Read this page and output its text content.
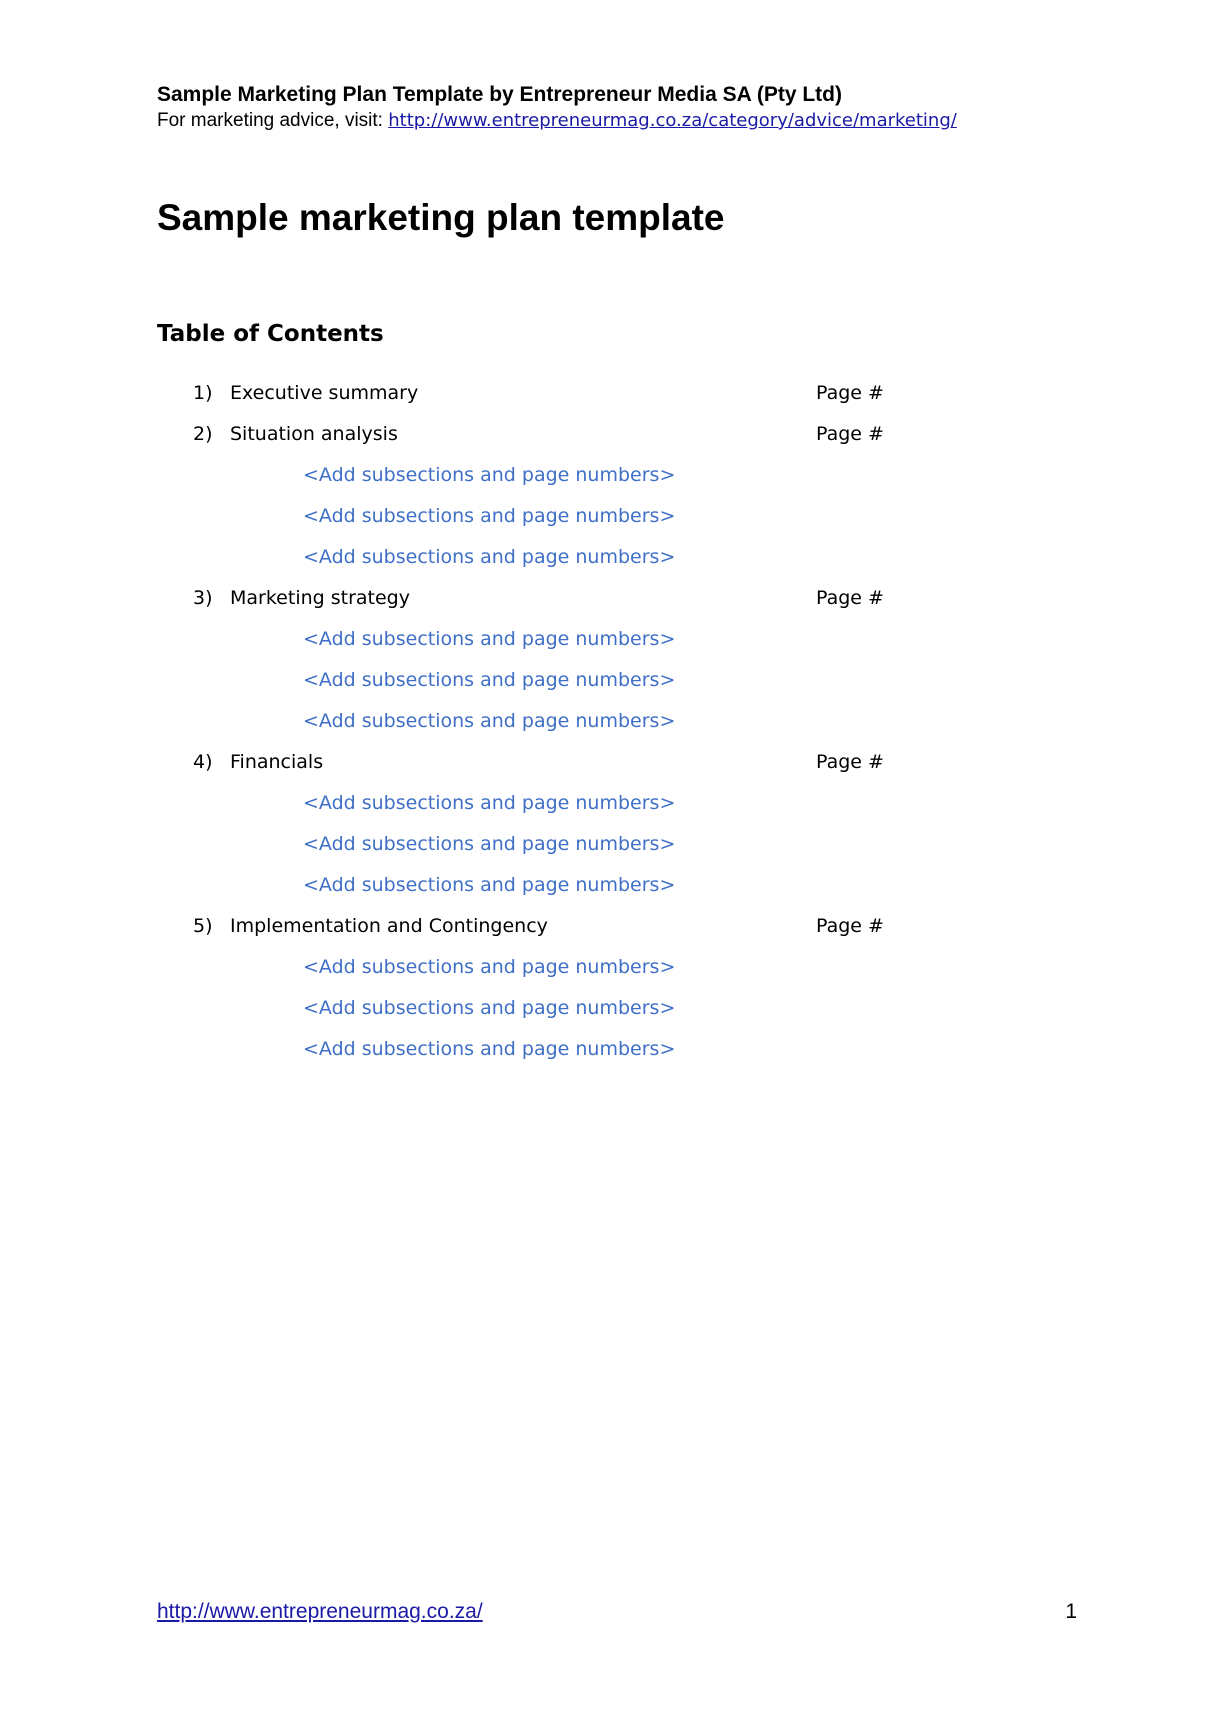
Sample Marketing Plan Template by Entrepreneur Media SA (Pty Ltd)

For marketing advice, visit: http://www.entrepreneurmag.co.za/category/advice/marketing/

Sample marketing plan template
Table of Contents
1) Executive summary	Page #
2) Situation analysis	Page #
<Add subsections and page numbers>
<Add subsections and page numbers>
<Add subsections and page numbers>
3) Marketing strategy	Page #
<Add subsections and page numbers>
<Add subsections and page numbers>
<Add subsections and page numbers>
4) Financials	Page #
<Add subsections and page numbers>
<Add subsections and page numbers>
<Add subsections and page numbers>
5) Implementation and Contingency	Page #
<Add subsections and page numbers>
<Add subsections and page numbers>
<Add subsections and page numbers>
http://www.entrepreneurmag.co.za/	1
